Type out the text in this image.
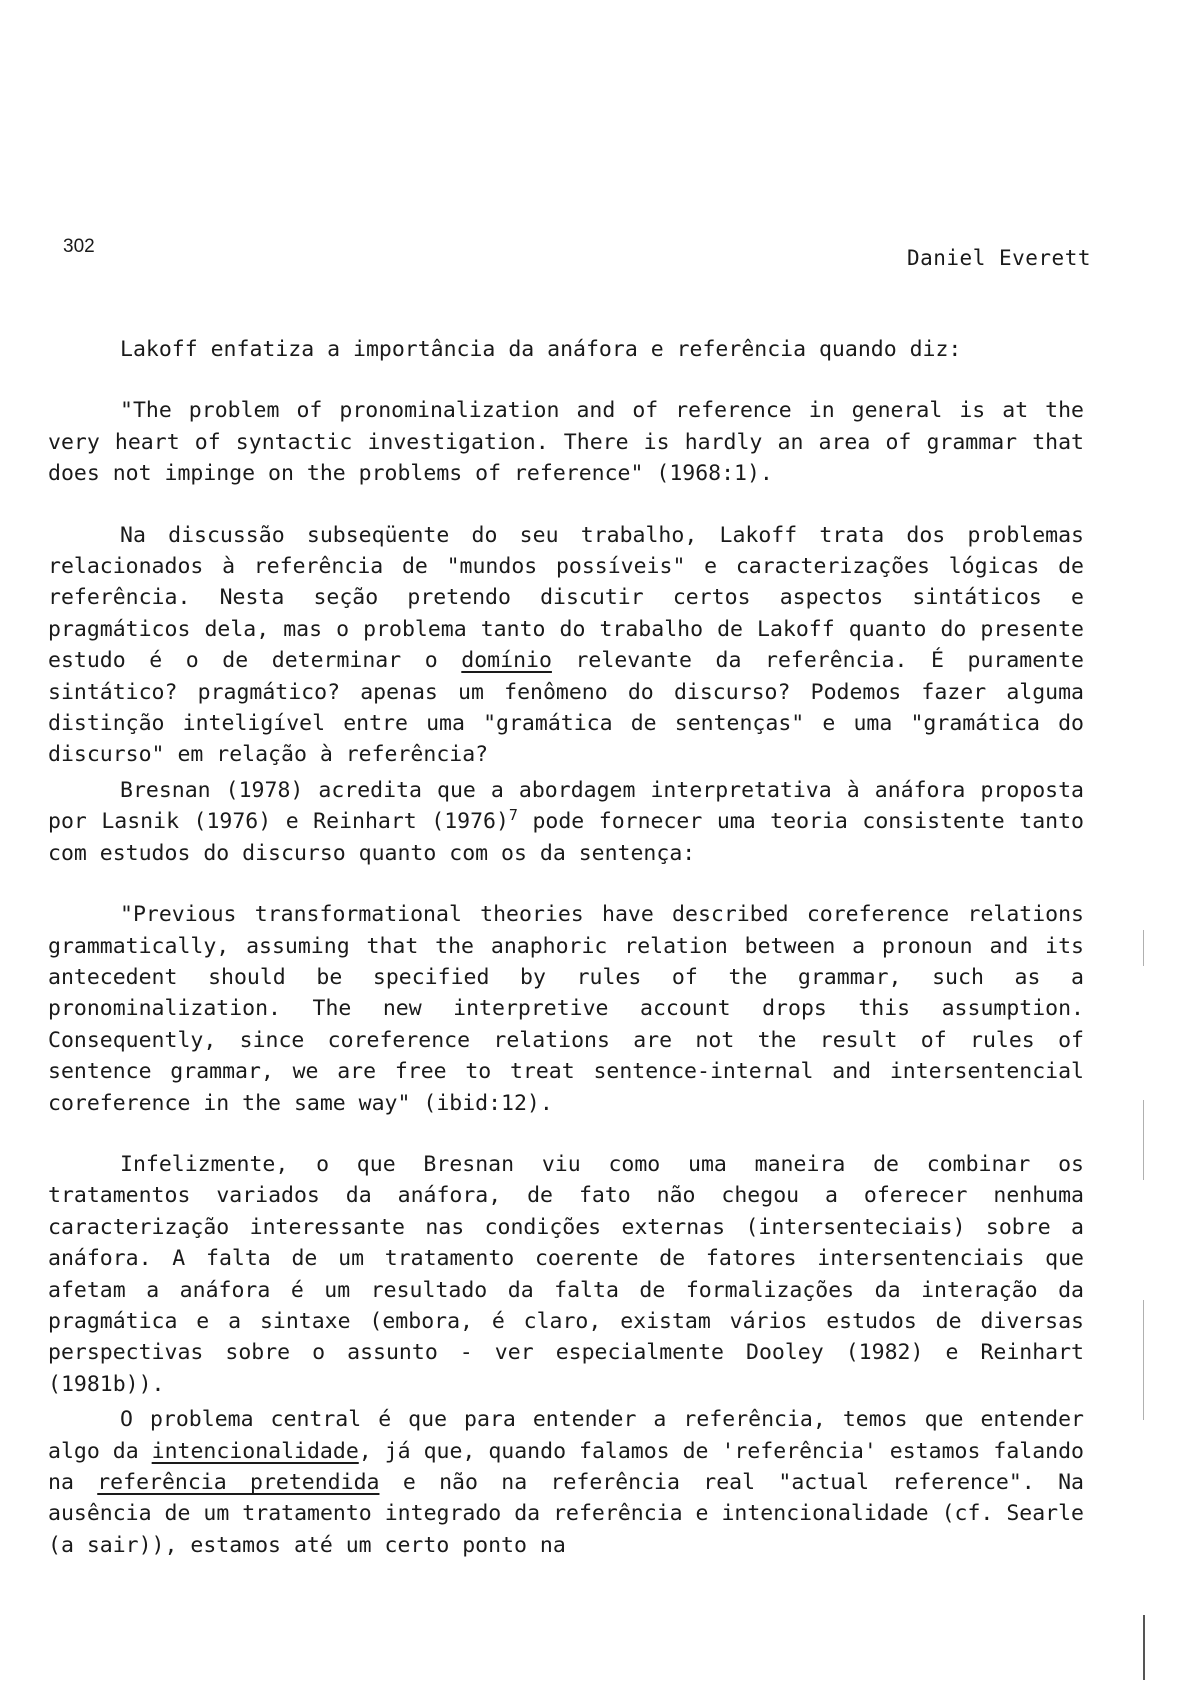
302	Daniel Everett

Lakoff enfatiza a importância da anáfora e referência quando diz:

"The problem of pronominalization and of reference in general is at the very heart of syntactic investigation. There is hardly an area of grammar that does not impinge on the problems of reference" (1968:1).

Na discussão subseqüente do seu trabalho, Lakoff trata dos problemas relacionados à referência de "mundos possíveis" e caracterizações lógicas de referência. Nesta seção pretendo discutir certos aspectos sintáticos e pragmáticos dela, mas o problema tanto do trabalho de Lakoff quanto do presente estudo é o de determinar o domínio relevante da referência. É puramente sintático? pragmático? apenas um fenômeno do discurso? Podemos fazer alguma distinção inteligível entre uma "gramática de sentenças" e uma "gramática do discurso" em relação à referência?

Bresnan (1978) acredita que a abordagem interpretativa à anáfora proposta por Lasnik (1976) e Reinhart $(1976)^7$ pode fornecer uma teoria consistente tanto com estudos do discurso quanto com os da sentença:

"Previous transformational theories have described coreference relations grammatically, assuming that the anaphoric relation between a pronoun and its antecedent should be specified by rules of the grammar, such as a pronominalization. The new interpretive account drops this assumption. Consequently, since coreference relations are not the result of rules of sentence grammar, we are free to treat sentence-internal and intersentencial coreference in the same way" (ibid:12).

Infelizmente, o que Bresnan viu como uma maneira de combinar os tratamentos variados da anáfora, de fato não chegou a oferecer nenhuma caracterização interessante nas condições externas (intersenteciais) sobre a anáfora. A falta de um tratamento coerente de fatores intersentenciais que afetam a anáfora é um resultado da falta de formalizações da interação da pragmática e a sintaxe (embora, é claro, existam vários estudos de diversas perspectivas sobre o assunto - ver especialmente Dooley (1982) e Reinhart (1981b)).

O problema central é que para entender a referência, temos que entender algo da intencionalidade, já que, quando falamos de 'referência' estamos falando na referência pretendida e não na referência real "actual reference". Na ausência de um tratamento integrado da referência e intencionalidade (cf. Searle (a sair)), estamos até um certo ponto na
